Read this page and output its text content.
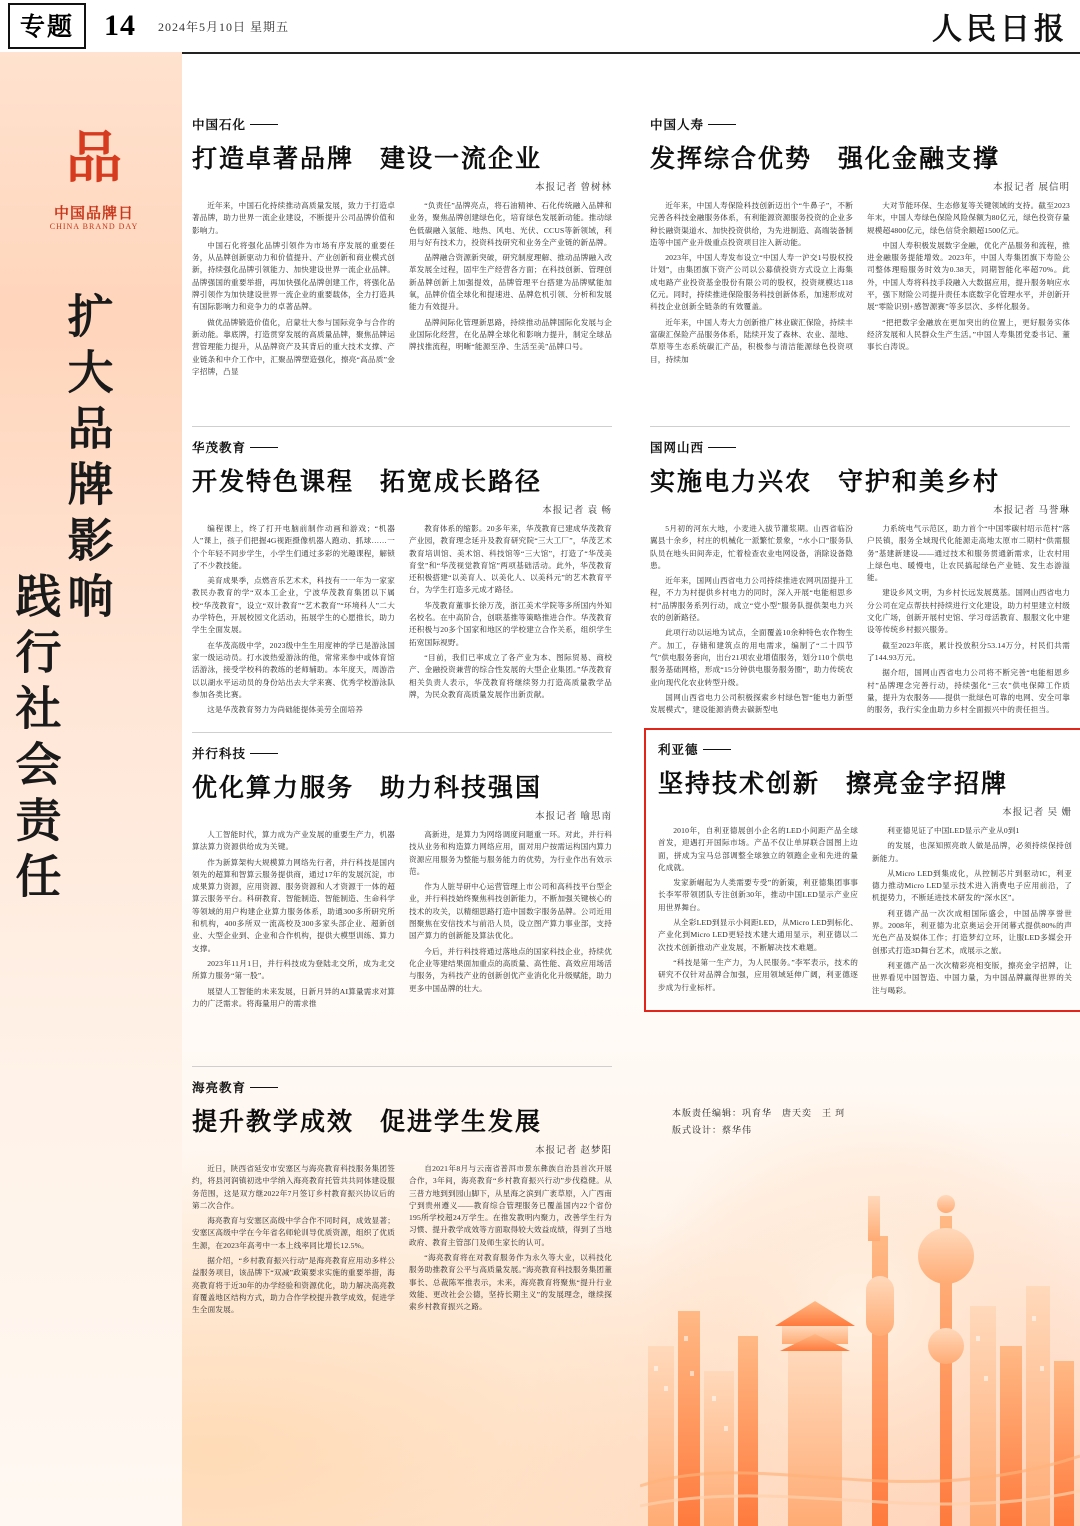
专题	14 2024年5月10日 星期五	人民日报
品
中国品牌日
CHINA BRAND DAY
扩大品牌影响
践行社会责任
中国石化
打造卓著品牌 建设一流企业
本报记者 曾树林

近年来，中国石化持续推动高质量发展，致力于打造卓著品牌，助力世界一流企业建设，不断提升公司品牌价值和影响力。

中国石化将强化品牌引领作为市场有序发展的重要任务，从品牌创新驱动力和价值提升、产业创新和商业模式创新，持续强化品牌引领能力、加快建设世界一流企业品牌。品牌强国的重要举措，再加快强化品牌创建工作，将强化品牌引领作为加快建设世界一流企业的重要载体，全力打造具有国际影响力和竞争力的卓著品牌。

做优品牌锻造价值化，启蒙壮大参与国际竞争与合作的新动能。靠底牌，打造贯穿发展的高质量品牌，聚焦品牌运营管理能力提升，从品牌资产及其背后的重大技术支撑、产业链条和中介工作中，汇聚品牌塑造强化，擦亮“高品质”金字招牌，凸显

“负责任”品牌亮点，将石油精神、石化传统融入品牌和业务，聚焦品牌创建绿色化，培育绿色发展新动能。推动绿色低碳融入氢能、地热、风电、光伏、CCUS等新领域，利用与好有技术力，投资科技研究和业务全产业链的新品牌。

品牌融合资源新突破，研究制度理解、推动品牌融入改革发展全过程，固牢生产经营各方面；在科技创新、管理创新品牌创新上加强提效，品牌管理平台搭建为品牌赋能加氧，品牌价值全球化和提速进、品牌危机引领、分析和发展能力有效提升。

品牌间际化管理新思路，持续推动品牌国际化发展与企业国际化经营，在化品牌全球化和影响力提升，制定全球品牌找推流程，明晰“能源至净、生活至美”品牌口号。

中国人寿
发挥综合优势 强化金融支撑
本报记者 展信明

近年来，中国人寿保险科技创新迈出个“牛鼻子”，不断完善各科技金融服务体系，有利能源资源服务投资的企业多种长融资渠道水、加快投资供给，为先进制造、高端装备制造等中国产业升级重点投资项目注入新动能。

2023年，中国人寿发布设立“中国人寿一沪交1号股权投计划”，由集团旗下资产公司以公募债投资方式设立上海集成电路产业投资基金股份有限公司的股权，投资规模达118亿元。同时，持续推进保险服务科技创新体系，加速形成对科技企业创新全链条的有效覆盖。

近年来，中国人寿大力创新推广林业碳汇保险，持续丰富碳汇保险产品服务体系，陆续开发了森林、农业、湿地、草原等生态系统碳汇产品，积极参与清洁能源绿色投资项目，持续加

大对节能环保、生态修复等关键领域的支持。截至2023年末，中国人寿绿色保险风险保额为80亿元，绿色投资存量规模超4800亿元，绿色信贷余额超1500亿元。

中国人寿积极发展数字金融，优化产品服务和流程，推进金融服务提能增效。2023年，中国人寿集团旗下寿险公司整体理赔服务时效为0.38天，同期智能化率超70%。此外，中国人寿将科技手段融入大数据应用，提升服务响应水平，强下财险公司提升责任本底数字化管理水平，并创新开展“零险识别+感智源赛”等多层次、多样化服务。

“把把数字金融放在更加突出的位置上，更好服务实体经济发展和人民群众生产生活。”中国人寿集团党委书记、董事长白涛说。

华茂教育
开发特色课程 拓宽成长路径
本报记者 袁 畅

编程课上，终了打开电脑前制作动画和游戏；“机器人”课上，孩子们把握4G视距摄像机器人跑动、抓球……一个个年轻不同步学生，小学生们通过多彩的光趣课程，解锁了不少教技能。

美育成果季，点燃音乐艺术术，科技有一一年为一家家教民办教育的学“双本工企业，宁波华茂教育集团以下属校“华茂教育”，设立“双计教育”“艺术教育”“环境科人”二大办学特色，开展校园文化活动，拓展学生的心愿推长，助力学生全面发展。

在华茂高级中学，2023级中生生用度神的学已是游泳国家一级运动员。打水波热爱游泳的他，常常来参中或体育馆活游泳，接受学校科的教练的老师辅助。本年度天，周游浩以以湖水平运动员的身份站出去大学来赛、优秀学校游泳队参加各类比赛。

这是华茂教育努力为尚础能提体美劳全面培养

教育体系的缩影。20多年来，华茂教育已建成华茂教育产业园，教育理念延升及教育研究院“三大工厂”，华茂艺术教育培训馆、美术馆、科技馆等“三大馆”，打造了“华茂美育堂”和“华茂视觉教育馆”两项基础活动。此外，华茂教育还积极搭建“以美育人、以美化人、以美科元”的艺术教育平台，为学生打造多元成才路径。

华茂教育董事长徐万茂，浙江美术学院等多所国内外知名校名。在中高阶合，创联基推等策略推进合作。华茂教育还积极与20多个国家和地区的学校建立合作关系，组织学生拓宽国际视野。

“目前，我们已率成立了各产业为本、图际贸易、商校产、金融投资兼营的综合性发展的大型企业集团。”华茂教育相关负责人表示，华茂教育将继续努力打造高质量教学品牌，为民众教育高质量发展作出新贡献。

国网山西
实施电力兴农 守护和美乡村
本报记者 马誉琳

5月初的河东大地，小麦进入拔节灌浆期。山西省临汾翼县十余乡，村庄的机械化一派繁忙景象，“水小口”服务队队员在地头田间奔走，忙着检查农业电网设备，消除设备隐患。

近年来，国网山西省电力公司持续推进农网巩固提升工程，不力为村提供乡村电力的同时，深入开展“电能相思乡村”品牌服务系列行动，成立“党小型”服务队提供架电力兴农的创新路径。

此项行动以运地为试点，全面覆盖10余种特色农作物生产。加工，存储和建筑点的用电需求，编制了“二十四节气”供电服务套向，出台21项农业增值服务，划分110个供电服务基础网格，形成“15分钟供电服务服务圈”，助力传统农业向现代化农业转型升级。

国网山西省电力公司积极探索乡村绿色智“能电力新型发展模式”，建设能源消费去碳新型电

力系统电气示范区，助力首个“中国零碳村绍示范村”落户民镇，服务全域现代化能源走高地太原市二期村“供需服务”基建新建设——通过技术和服务贯通新需求，让农村用上绿色电、暖慢电，让农民搞起绿色产业链、发生态游溢能。

建设乡风文明，为乡村长远发展奠基。国网山西省电力分公司在定点帮扶村持续进行文化建设，助力村里建立村级文化广场，创新开展村史馆、学习母活教育、服服文化中建设等传统乡村振兴服务。

截至2023年底，累计投放积分53.14万分，村民们共需了144.93万元。

据介绍，国网山西省电力公司将不断完善“电能相恩乡村”品牌理念完善行动，持续强化“三农”供电保障工作质量，提升为农服务——提供一批绿色可靠的电网、安全可靠的服务，我行实金血助力乡村全面振兴中的责任担当。

并行科技
优化算力服务 助力科技强国
本报记者 喻思南

人工智能时代，算力成为产业发展的重要生产力，机器算法算力资源供给成为关键。

作为新算架构大规模算力网络先行者，并行科技是国内领先的超算和智算云服务提供商，通过17年的发展沉淀，市成果算力资源，应用资源、服务资源和人才资源于一体的超算云服务平台。科研教育、智能制造、智能制造、生命科学等领域的用户构建企业算力服务体系，助通300多所研究所和机构，400多所双一流高校及300多家头部企业、超新创业、大型企业到、企业和合作机构，提供大模型训练、算力支撑。

2023年11月1日，并行科技成为登陆北交所，成为北交所算力服务“第一股”。

展望人工智能的未来发展，日新月异的AI算量需求对算力的广泛需求。将海量用户的需求推

高新进，是算力为网络调度问题重一环。对此，并行科技从业务和构造算力网络应用，面对用户按需运构国内算力资源应用服务为整能与服务能力的优势，为行业作出有效示范。

作为人脏导研中心运营管理上市公司和高科技平台型企业，并行科技始终聚焦科技创新能力，不断加强关键核心的技术的攻关，以精细思路打造中国数字服务品牌。公司近用图聚焦在安信技术与前沿人员，设立图产算力事业部，支持国产算力的创新能及算法优化。

今后，并行科技将通过落地点的国家科技企业，持续优化企业等建结果面加重点的高质量、高性能、高效应用场活与服务，为科技产业的创新创优产业消化化升级赋能，助力更多中国品牌的壮大。

利亚德
坚持技术创新 擦亮金字招牌
本报记者 吴 姗

2010年，自利亚德展创小企名的LED小间距产品全球首发，迎遇打开国际市场。产品不仅让单屏联合国图上边面，拼成为宝马总部调整全球独立的领跑企业和先进的量化成就。

发家新崛起为人类需要专受”的新策，利亚德集团事事长李军带领团队专注创新30年，推动中国LED显示产业应用世界舞台。

从全彩LED到显示小间距LED，从Micro LED到标化、产业化到Micro LED更轻技术建大通用显示，利亚德以二次技术创新推动产业发展，不断解决技术难题。

“科技是第一生产力，为人民服务。”李军表示，技术的研究不仅针对品牌合加强，应用领域延伸广阔，利亚德逐步成为行业标杆。

利亚德见证了中国LED显示产业从0到1

的发展，也深知照亮敢人做是品牌，必须持续保持创新能力。

从Micro LED到集成化，从控制芯片到驱动IC，利亚德力推动Micro LED显示技术进入消费电子应用前沿，了机提势力，不断延进技术研发的“深水区”。

利亚德产品一次次成相国际盛会，中国品牌享誉世界。2008年，利亚德为北京奥运会开闭幕式提供80%的声光色产品及娱体工作；打造梦幻立环，让服LED多媒会开创那式打造3D舞台艺术，成展示之旅。

利亚德产品一次次精彩亮相变版，擦亮金字招牌，让世界看见中国智造、中国力量，为中国品牌赢得世界的关注与喝彩。

海亮教育
提升教学成效 促进学生发展
本报记者 赵梦阳

近日，陕西省延安市安塞区与海亮教育科技服务集团签约，将县河润镇初选中学纳入海亮教育托管共共同体建设服务范围，这是双方继2022年7月签订乡村教育振兴协议后的第二次合作。

海亮教育与安塞区高级中学合作不同时间，成效显著；安塞区高级中学在今年省名师轮训导优质资源，组织了优质生源，在2023年高考中一本上线率同比增长12.5%。

据介绍，“乡村教育振兴行动”是海亮教育应用动多样公益服务项目，该品牌下“双减”政策要求实施的重要举措，海亮教育将于近30年的办学经验和资源优化，助力解决高亮教育覆盖地区结构方式，助力合作学校提升教学成效，促进学生全面发展。

自2021年8月与云南省普洱市景东彝族自治县首次开展合作，3年间，海亮教育“乡村教育振兴行动”步伐稳健。从三普方地到到园山脚下，从星海之滨到广袤草原，入广西南宁到贵州遵义——教育综合管理服务已覆盖国内22个省份195所学校超24万学生。在推发教明内聚力，改善学生行为习惯、提升教学成效等方面取得较大效益成绩，得到了当地政府、教育主管部门及师生家长的认可。

“海亮教育将在对教育服务作为永久等大业，以科技化服务助推教育公平与高质量发展。”海亮教育科技服务集团董事长、总裁陈军推表示，未来，海亮教育将聚焦“提升行业效能、更改社会公德，坚持长期主义”的发展理念，继续探索乡村教育振兴之路。
